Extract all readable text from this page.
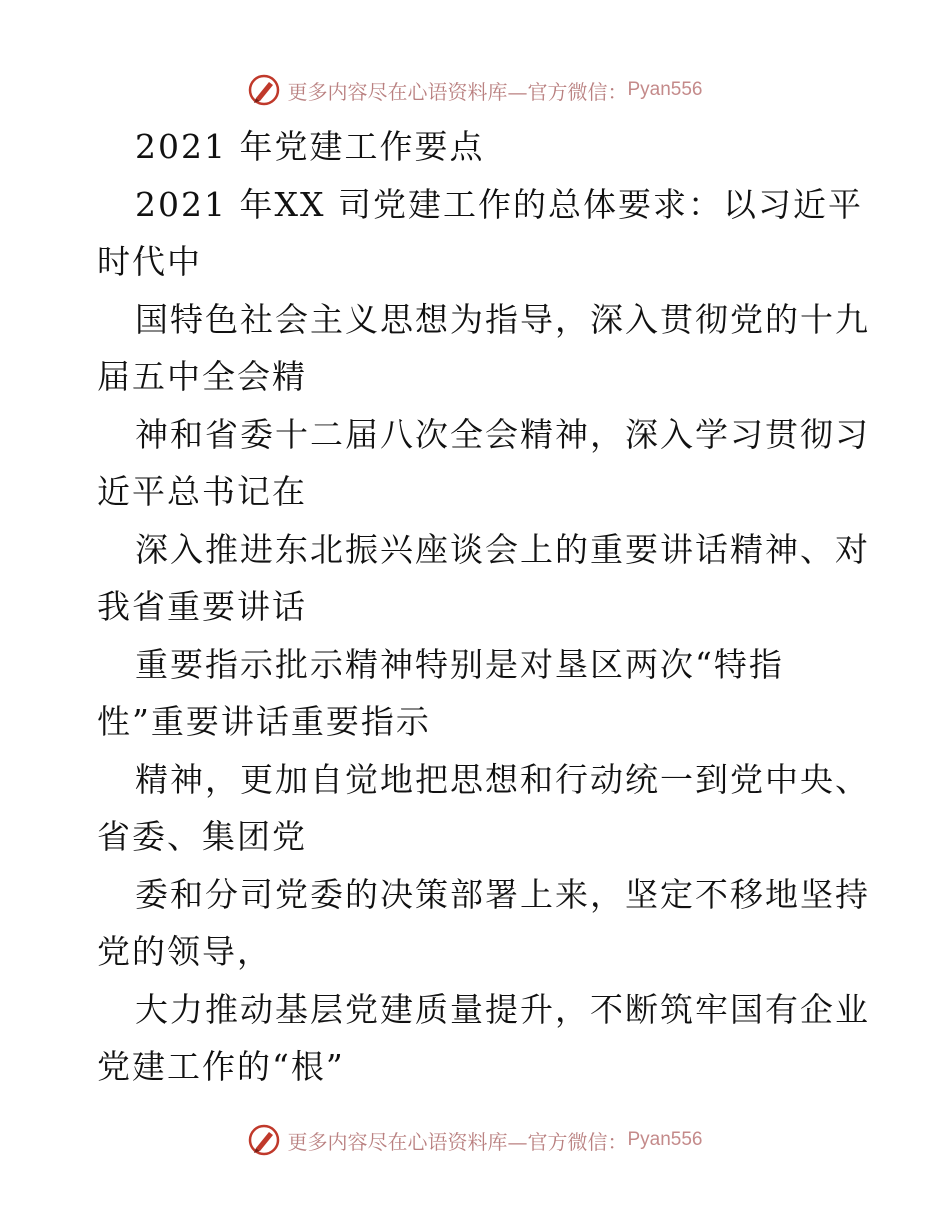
更多内容尽在心语资料库—官方微信： Pyan556
2021 年党建工作要点
2021 年XX 司党建工作的总体要求：以习近平
时代中
国特色社会主义思想为指导，深入贯彻党的十九
届五中全会精
神和省委十二届八次全会精神，深入学习贯彻习
近平总书记在
深入推进东北振兴座谈会上的重要讲话精神、对
我省重要讲话
重要指示批示精神特别是对垦区两次“特指
性”重要讲话重要指示
精神，更加自觉地把思想和行动统一到党中央、
省委、集团党
委和分司党委的决策部署上来，坚定不移地坚持
党的领导，
大力推动基层党建质量提升，不断筑牢国有企业
党建工作的“根”
更多内容尽在心语资料库—官方微信： Pyan556
